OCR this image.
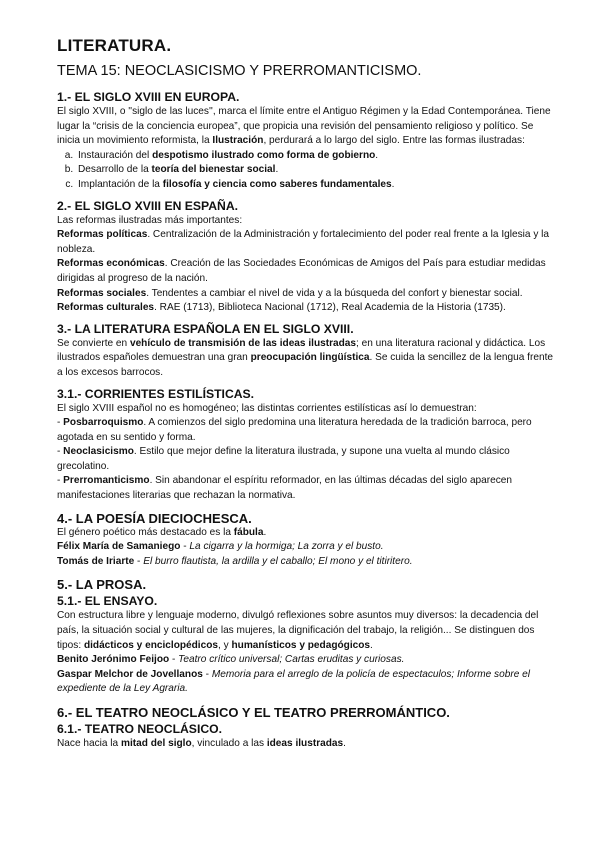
LITERATURA.
TEMA 15: NEOCLASICISMO Y PRERROMANTICISMO.
1.- EL SIGLO XVIII EN EUROPA.

El siglo XVIII, o ''siglo de las luces'', marca el límite entre el Antiguo Régimen y la Edad Contemporánea. Tiene lugar la “crisis de la conciencia europea”, que propicia una revisión del pensamiento religioso y político. Se inicia un movimiento reformista, la Ilustración, perdurará a lo largo del siglo. Entre las formas ilustradas:

a. Instauración del despotismo ilustrado como forma de gobierno.
b. Desarrollo de la teoría del bienestar social.
c. Implantación de la filosofía y ciencia como saberes fundamentales.
2.- EL SIGLO XVIII EN ESPAÑA.

Las reformas ilustradas más importantes:

Reformas políticas. Centralización de la Administración y fortalecimiento del poder real frente a la Iglesia y la nobleza.

Reformas económicas. Creación de las Sociedades Económicas de Amigos del País para estudiar medidas dirigidas al progreso de la nación.

Reformas sociales. Tendentes a cambiar el nivel de vida y a la búsqueda del confort y bienestar social.

Reformas culturales. RAE (1713), Biblioteca Nacional (1712), Real Academia de la Historia (1735).

3.- LA LITERATURA ESPAÑOLA EN EL SIGLO XVIII.

Se convierte en vehículo de transmisión de las ideas ilustradas; en una literatura racional y didáctica. Los ilustrados españoles demuestran una gran preocupación lingüística. Se cuida la sencillez de la lengua frente a los excesos barrocos.

3.1.- CORRIENTES ESTILÍSTICAS.

El siglo XVIII español no es homogéneo; las distintas corrientes estilísticas así lo demuestran:

- Posbarroquismo. A comienzos del siglo predomina una literatura heredada de la tradición barroca, pero agotada en su sentido y forma.

- Neoclasicismo. Estilo que mejor define la literatura ilustrada, y supone una vuelta al mundo clásico grecolatino.

- Prerromanticismo. Sin abandonar el espíritu reformador, en las últimas décadas del siglo aparecen manifestaciones literarias que rechazan la normativa.

4.- LA POESÍA DIECIOCHESCA.

El género poético más destacado es la fábula.

Félix María de Samaniego - La cigarra y la hormiga; La zorra y el busto.

Tomás de Iriarte - El burro flautista, la ardilla y el caballo; El mono y el titiritero.

5.- LA PROSA.
5.1.- EL ENSAYO.

Con estructura libre y lenguaje moderno, divulgó reflexiones sobre asuntos muy diversos: la decadencia del país, la situación social y cultural de las mujeres, la dignificación del trabajo, la religión... Se distinguen dos tipos: didácticos y enciclopédicos, y humanísticos y pedagógicos.

Benito Jerónimo Feijoo - Teatro crítico universal; Cartas eruditas y curiosas.

Gaspar Melchor de Jovellanos - Memoria para el arreglo de la policía de espectaculos; Informe sobre el expediente de la Ley Agraria.

6.- EL TEATRO NEOCLÁSICO Y EL TEATRO PRERROMÁNTICO.
6.1.- TEATRO NEOCLÁSICO.

Nace hacia la mitad del siglo, vinculado a las ideas ilustradas.
